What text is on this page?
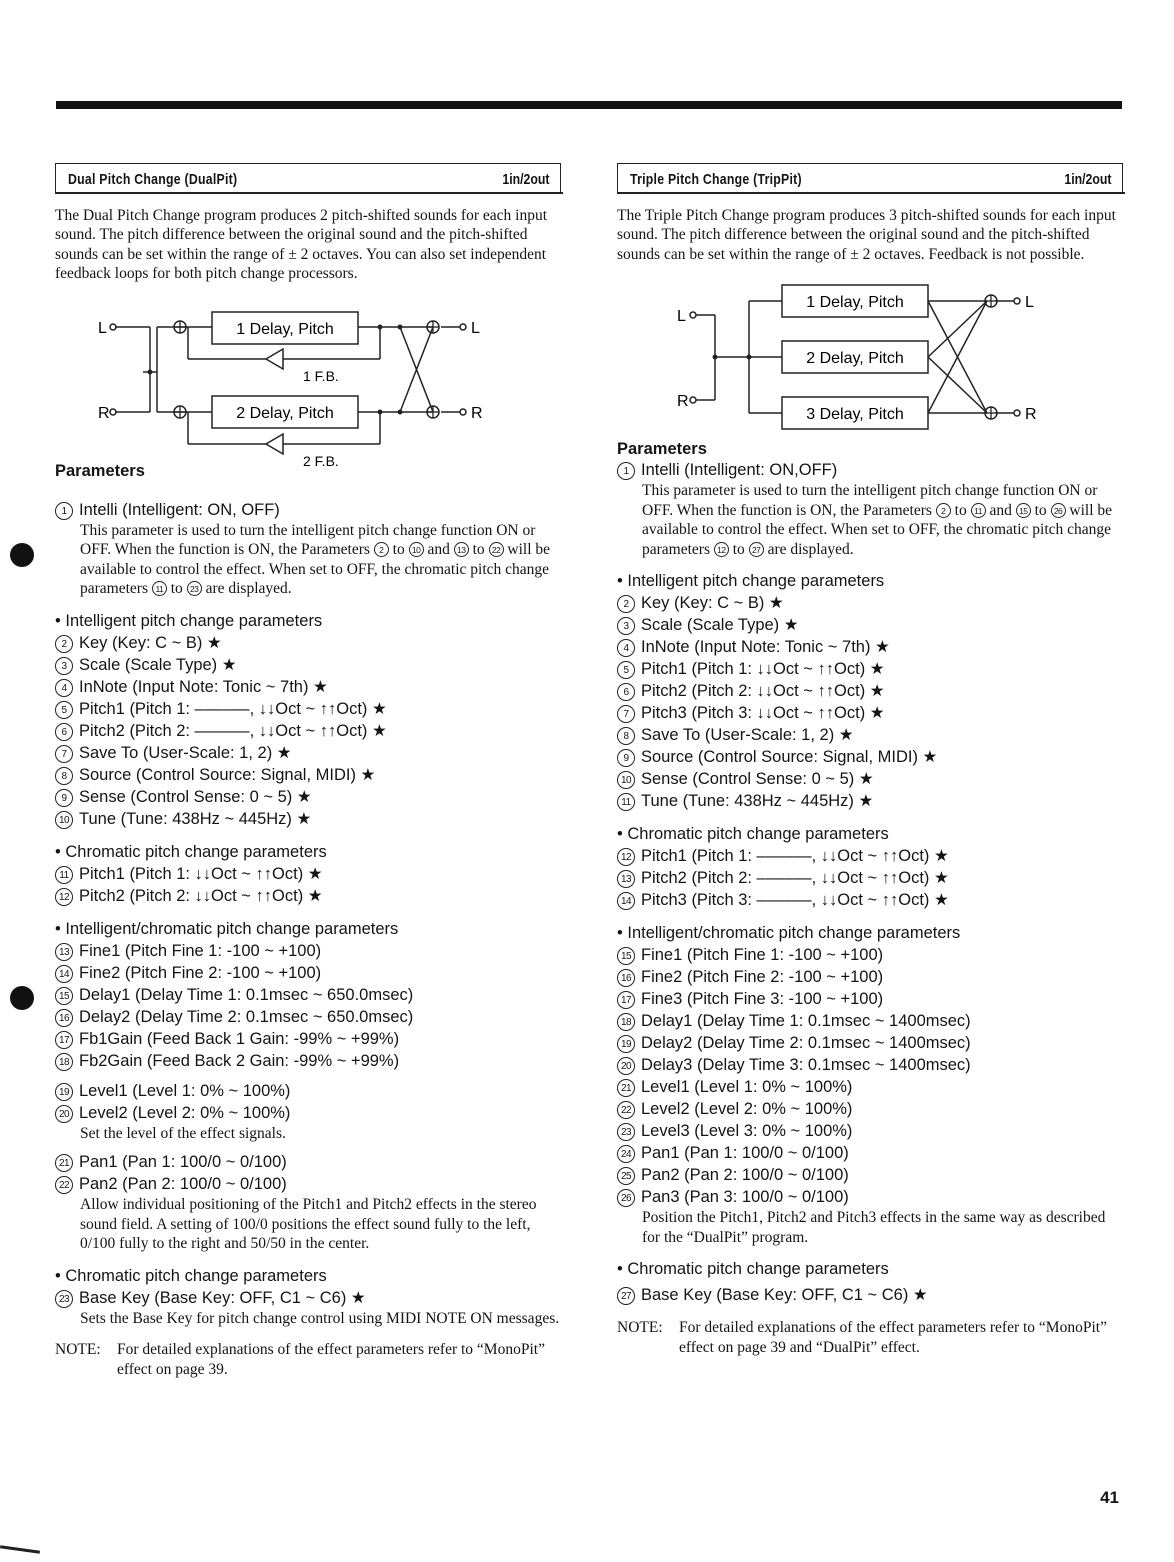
Dual Pitch Change (DualPit)	1in/2out
The Dual Pitch Change program produces 2 pitch-shifted sounds for each input sound. The pitch difference between the original sound and the pitch-shifted sounds can be set within the range of ± 2 octaves. You can also set independent feedback loops for both pitch change processors.
L
R
L
R
1 Delay, Pitch
2 Delay, Pitch
1 F.B.
2 F.B.
Parameters
1 Intelli (Intelligent: ON, OFF)
This parameter is used to turn the intelligent pitch change function ON or OFF. When the function is ON, the Parameters 2 to 10 and 13 to 22 will be available to control the effect. When set to OFF, the chromatic pitch change parameters 11 to 23 are displayed.
• Intelligent pitch change parameters
2 Key (Key: C ~ B) ★
3 Scale (Scale Type) ★
4 InNote (Input Note: Tonic ~ 7th) ★
5 Pitch1 (Pitch 1: ––––––, ↓↓Oct ~ ↑↑Oct) ★
6 Pitch2 (Pitch 2: ––––––, ↓↓Oct ~ ↑↑Oct) ★
7 Save To (User-Scale: 1, 2) ★
8 Source (Control Source: Signal, MIDI) ★
9 Sense (Control Sense: 0 ~ 5) ★
10 Tune (Tune: 438Hz ~ 445Hz) ★
• Chromatic pitch change parameters
11 Pitch1 (Pitch 1: ↓↓Oct ~ ↑↑Oct) ★
12 Pitch2 (Pitch 2: ↓↓Oct ~ ↑↑Oct) ★
• Intelligent/chromatic pitch change parameters
13 Fine1 (Pitch Fine 1: -100 ~ +100)
14 Fine2 (Pitch Fine 2: -100 ~ +100)
15 Delay1 (Delay Time 1: 0.1msec ~ 650.0msec)
16 Delay2 (Delay Time 2: 0.1msec ~ 650.0msec)
17 Fb1Gain (Feed Back 1 Gain: -99% ~ +99%)
18 Fb2Gain (Feed Back 2 Gain: -99% ~ +99%)
19 Level1 (Level 1: 0% ~ 100%)
20 Level2 (Level 2: 0% ~ 100%)
Set the level of the effect signals.
21 Pan1 (Pan 1: 100/0 ~ 0/100)
22 Pan2 (Pan 2: 100/0 ~ 0/100)
Allow individual positioning of the Pitch1 and Pitch2 effects in the stereo sound field. A setting of 100/0 positions the effect sound fully to the left, 0/100 fully to the right and 50/50 in the center.
• Chromatic pitch change parameters
23 Base Key (Base Key: OFF, C1 ~ C6) ★
Sets the Base Key for pitch change control using MIDI NOTE ON messages.
NOTE:	For detailed explanations of the effect parameters refer to “MonoPit” effect on page 39.
Triple Pitch Change (TripPit)	1in/2out
The Triple Pitch Change program produces 3 pitch-shifted sounds for each input sound. The pitch difference between the original sound and the pitch-shifted sounds can be set within the range of ± 2 octaves. Feedback is not possible.
L
R
L
R
1 Delay, Pitch
2 Delay, Pitch
3 Delay, Pitch
Parameters
1 Intelli (Intelligent: ON,OFF)
This parameter is used to turn the intelligent pitch change function ON or OFF. When the function is ON, the Parameters 2 to 11 and 15 to 26 will be available to control the effect. When set to OFF, the chromatic pitch change parameters 12 to 27 are displayed.
• Intelligent pitch change parameters
2 Key (Key: C ~ B) ★
3 Scale (Scale Type) ★
4 InNote (Input Note: Tonic ~ 7th) ★
5 Pitch1 (Pitch 1: ↓↓Oct ~ ↑↑Oct) ★
6 Pitch2 (Pitch 2: ↓↓Oct ~ ↑↑Oct) ★
7 Pitch3 (Pitch 3: ↓↓Oct ~ ↑↑Oct) ★
8 Save To (User-Scale: 1, 2) ★
9 Source (Control Source: Signal, MIDI) ★
10 Sense (Control Sense: 0 ~ 5) ★
11 Tune (Tune: 438Hz ~ 445Hz) ★
• Chromatic pitch change parameters
12 Pitch1 (Pitch 1: ––––––, ↓↓Oct ~ ↑↑Oct) ★
13 Pitch2 (Pitch 2: ––––––, ↓↓Oct ~ ↑↑Oct) ★
14 Pitch3 (Pitch 3: ––––––, ↓↓Oct ~ ↑↑Oct) ★
• Intelligent/chromatic pitch change parameters
15 Fine1 (Pitch Fine 1: -100 ~ +100)
16 Fine2 (Pitch Fine 2: -100 ~ +100)
17 Fine3 (Pitch Fine 3: -100 ~ +100)
18 Delay1 (Delay Time 1: 0.1msec ~ 1400msec)
19 Delay2 (Delay Time 2: 0.1msec ~ 1400msec)
20 Delay3 (Delay Time 3: 0.1msec ~ 1400msec)
21 Level1 (Level 1: 0% ~ 100%)
22 Level2 (Level 2: 0% ~ 100%)
23 Level3 (Level 3: 0% ~ 100%)
24 Pan1 (Pan 1: 100/0 ~ 0/100)
25 Pan2 (Pan 2: 100/0 ~ 0/100)
26 Pan3 (Pan 3: 100/0 ~ 0/100)
Position the Pitch1, Pitch2 and Pitch3 effects in the same way as described for the “DualPit” program.
• Chromatic pitch change parameters
27 Base Key (Base Key: OFF, C1 ~ C6) ★
NOTE:	For detailed explanations of the effect parameters refer to “MonoPit” effect on page 39 and “DualPit” effect.
41
